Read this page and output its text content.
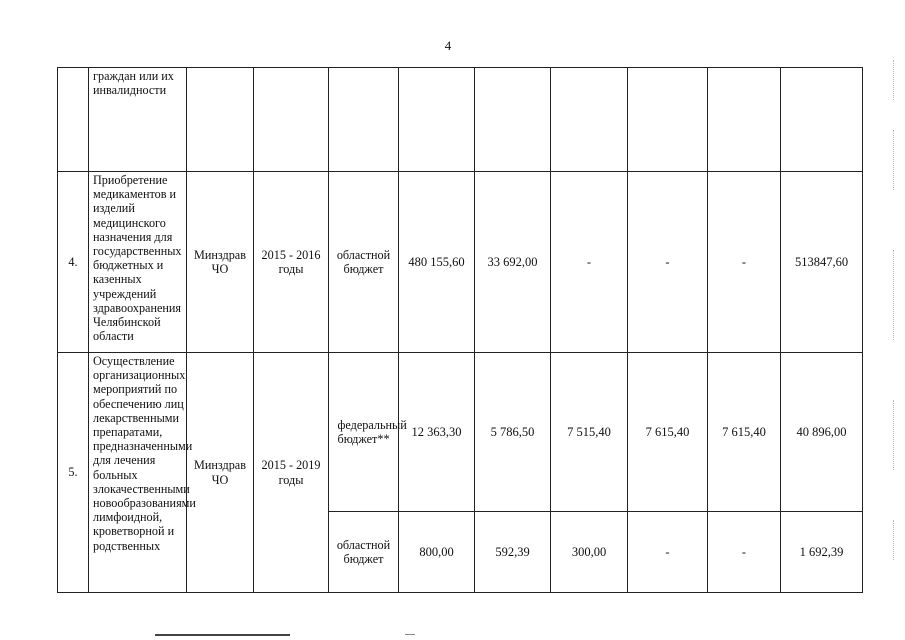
4
	граждан или их инвалидности									
4.	Приобретение медикаментов и изделий медицинского назначения для государственных бюджетных и казенных учреждений здравоохранения Челябинской области	Минздрав ЧО	2015 - 2016 годы	областной бюджет	480 155,60	33 692,00	-	-	-	513847,60
5.	Осуществление организационных мероприятий по обеспечению лиц лекарственными препаратами, предназначенными для лечения больных злокачественными новообразованиями лимфоидной, кроветворной и родственных	Минздрав ЧО	2015 - 2019 годы	федеральный бюджет**	12 363,30	5 786,50	7 515,40	7 615,40	7 615,40	40 896,00
				областной бюджет	800,00	592,39	300,00	-	-	1 692,39
